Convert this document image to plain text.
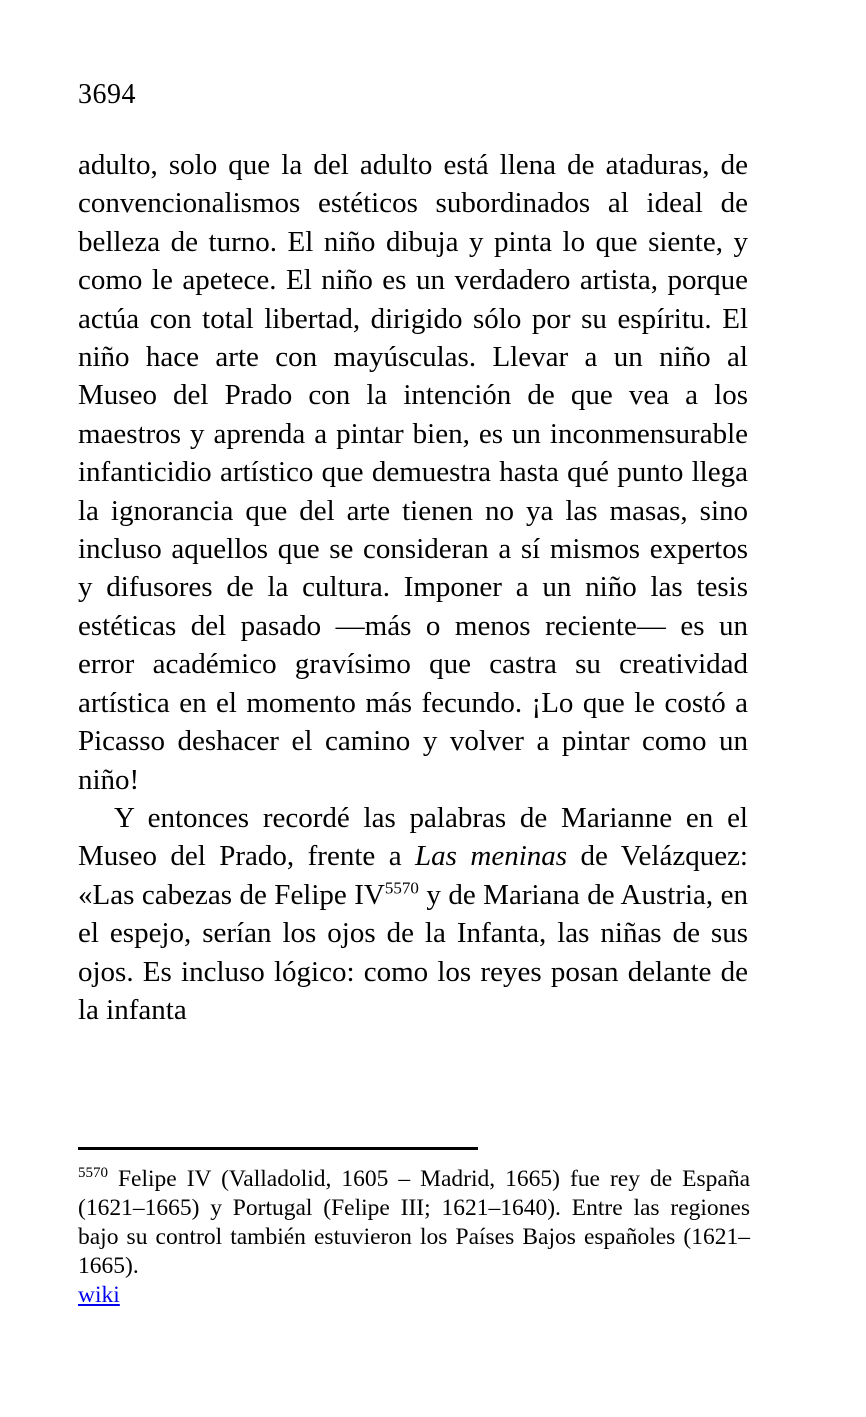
3694

adulto, solo que la del adulto está llena de ataduras, de convencionalismos estéticos subordinados al ideal de belleza de turno. El niño dibuja y pinta lo que siente, y como le apetece. El niño es un verdadero artista, porque actúa con total libertad, dirigido sólo por su espíritu. El niño hace arte con mayúsculas. Llevar a un niño al Museo del Prado con la intención de que vea a los maestros y aprenda a pintar bien, es un inconmensurable infanticidio artístico que demuestra hasta qué punto llega la ignorancia que del arte tienen no ya las masas, sino incluso aquellos que se consideran a sí mismos expertos y difusores de la cultura. Imponer a un niño las tesis estéticas del pasado —más o menos reciente— es un error académico gravísimo que castra su creatividad artística en el momento más fecundo. ¡Lo que le costó a Picasso deshacer el camino y volver a pintar como un niño!

Y entonces recordé las palabras de Marianne en el Museo del Prado, frente a Las meninas de Velázquez: «Las cabezas de Felipe IV$^{5570}$ y de Mariana de Austria, en el espejo, serían los ojos de la Infanta, las niñas de sus ojos. Es incluso lógico: como los reyes posan delante de la infanta

$^{5570}$ Felipe IV (Valladolid, 1605 – Madrid, 1665) fue rey de España (1621–1665) y Portugal (Felipe III; 1621–1640). Entre las regiones bajo su control también estuvieron los Países Bajos españoles (1621–1665).

wiki
